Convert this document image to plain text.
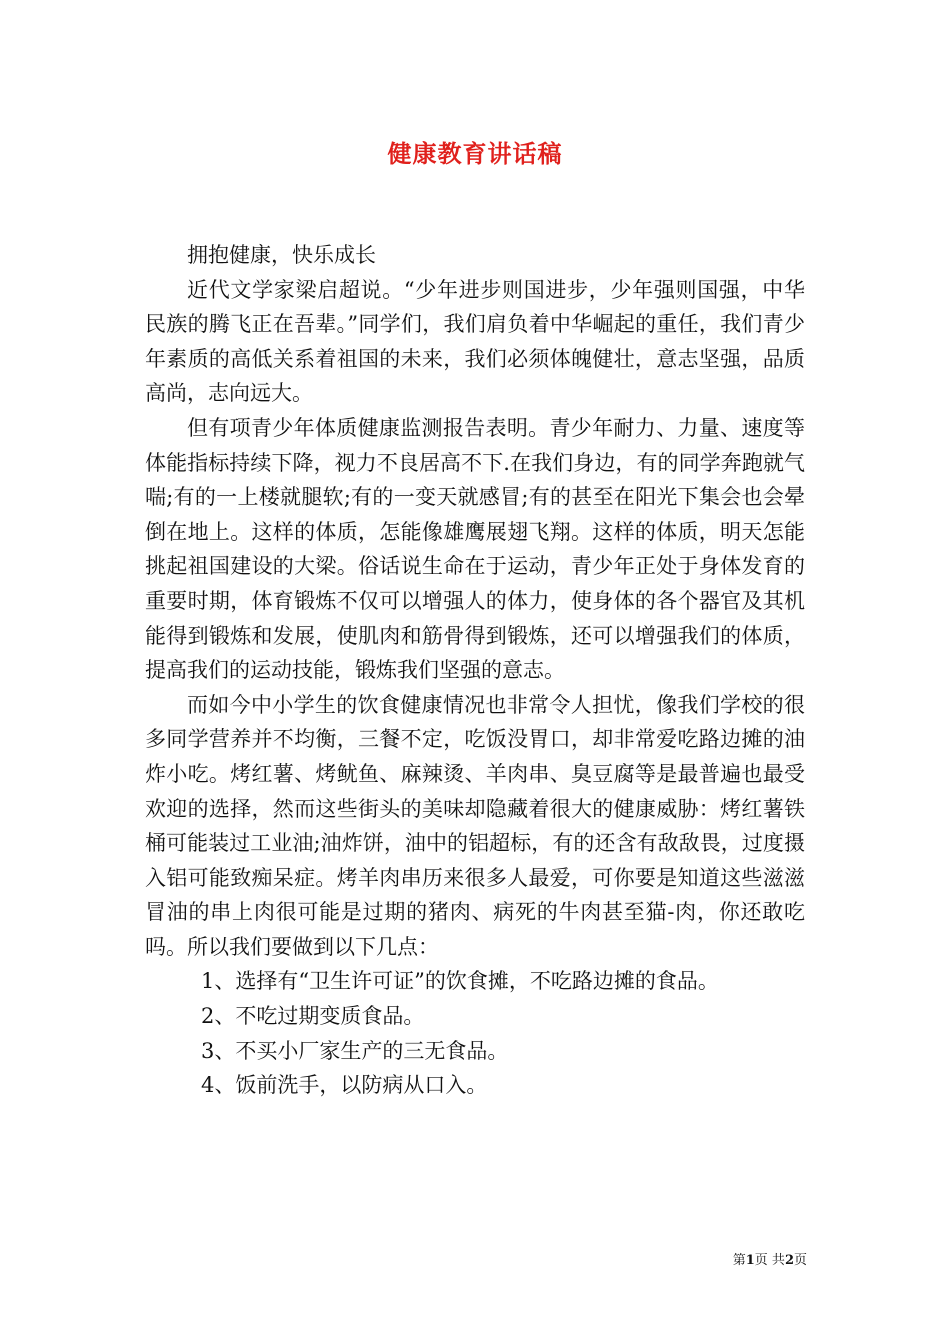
健康教育讲话稿

拥抱健康，快乐成长

近代文学家梁启超说。“少年进步则国进步，少年强则国强，中华民族的腾飞正在吾辈。”同学们，我们肩负着中华崛起的重任，我们青少年素质的高低关系着祖国的未来，我们必须体魄健壮，意志坚强，品质高尚，志向远大。

但有项青少年体质健康监测报告表明。青少年耐力、力量、速度等体能指标持续下降，视力不良居高不下.在我们身边，有的同学奔跑就气喘;有的一上楼就腿软;有的一变天就感冒;有的甚至在阳光下集会也会晕倒在地上。这样的体质，怎能像雄鹰展翅飞翔。这样的体质，明天怎能挑起祖国建设的大梁。俗话说生命在于运动，青少年正处于身体发育的重要时期，体育锻炼不仅可以增强人的体力，使身体的各个器官及其机能得到锻炼和发展，使肌肉和筋骨得到锻炼，还可以增强我们的体质，提高我们的运动技能，锻炼我们坚强的意志。

而如今中小学生的饮食健康情况也非常令人担忧，像我们学校的很多同学营养并不均衡，三餐不定，吃饭没胃口，却非常爱吃路边摊的油炸小吃。烤红薯、烤鱿鱼、麻辣烫、羊肉串、臭豆腐等是最普遍也最受欢迎的选择，然而这些街头的美味却隐藏着很大的健康威胁：烤红薯铁桶可能装过工业油;油炸饼，油中的铝超标，有的还含有敌敌畏，过度摄入铝可能致痴呆症。烤羊肉串历来很多人最爱，可你要是知道这些滋滋冒油的串上肉很可能是过期的猪肉、病死的牛肉甚至猫-肉，你还敢吃吗。所以我们要做到以下几点：

1、选择有“卫生许可证”的饮食摊，不吃路边摊的食品。

2、不吃过期变质食品。

3、不买小厂家生产的三无食品。

4、饭前洗手，以防病从口入。

第1页 共2页
